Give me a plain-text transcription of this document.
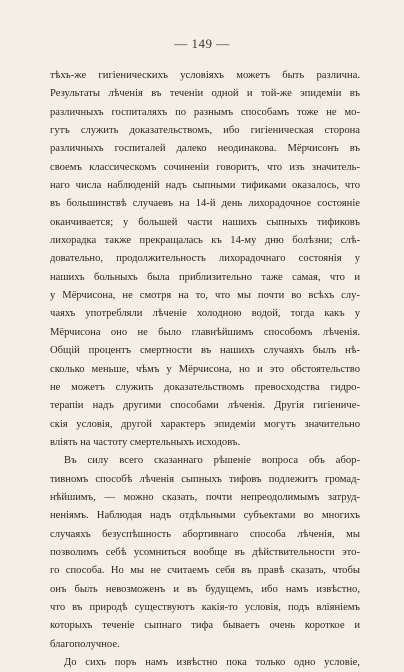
— 149 —
тѣхъ-же гигіеническихъ условіяхъ можетъ быть различна.
Результаты лѣченія въ теченіи одной и той-же эпидеміи въ
различныхъ госпиталяхъ по разнымъ способамъ тоже не мо-
гутъ служить доказательствомъ, ибо гигіеническая сторона
различныхъ госпиталей далеко неодинакова. Мёрчисонъ въ
своемъ классическомъ сочиненіи говоритъ, что изъ значитель-
наго числа наблюденій надъ сыпными тификами оказалось, что
въ большинствѣ случаевъ на 14-й день лихорадочное состояніе
оканчивается; у большей части нашихъ сыпныхъ тификовъ
лихорадка также прекращалась къ 14-му дню болѣзни; слѣ-
довательно, продолжительность лихорадочнаго состоянія у
нашихъ больныхъ была приблизительно таже самая, что и
у Мёрчисона, не смотря на то, что мы почти во всѣхъ слу-
чаяхъ употребляли лѣченіе холодною водой, тогда какъ у
Мёрчисона оно не было главнѣйшимъ способомъ лѣченія.
Общій процентъ смертности въ нашихъ случаяхъ былъ нѣ-
сколько меньше, чѣмъ у Мёрчисона, но и это обстоятельство
не можетъ служить доказательствомъ превосходства гидро-
терапіи надъ другими способами лѣченія. Другія гигіениче-
скія условія, другой характеръ эпидеміи могутъ значительно
вліять на частоту смертельныхъ исходовъ.
Въ силу всего сказаннаго рѣшеніе вопроса объ абор-
тивномъ способѣ лѣченія сыпныхъ тифовъ подлежитъ громад-
нѣйшимъ, — можно сказать, почти непреодолимымъ затруд-
неніямъ. Наблюдая надъ отдѣльными субъектами во многихъ
случаяхъ безуспѣшность абортивнаго способа лѣченія, мы
позволимъ себѣ усомниться вообще въ дѣйствительности это-
го способа. Но мы не считаемъ себя въ правѣ сказать, чтобы
онъ былъ невозможенъ и въ будущемъ, ибо намъ извѣстно,
что въ природѣ существуютъ какія-то условія, подъ вліяніемъ
которыхъ теченіе сыпнаго тифа бываетъ очень короткое и
благополучное.
До сихъ поръ намъ извѣстно пока только одно условіе,
